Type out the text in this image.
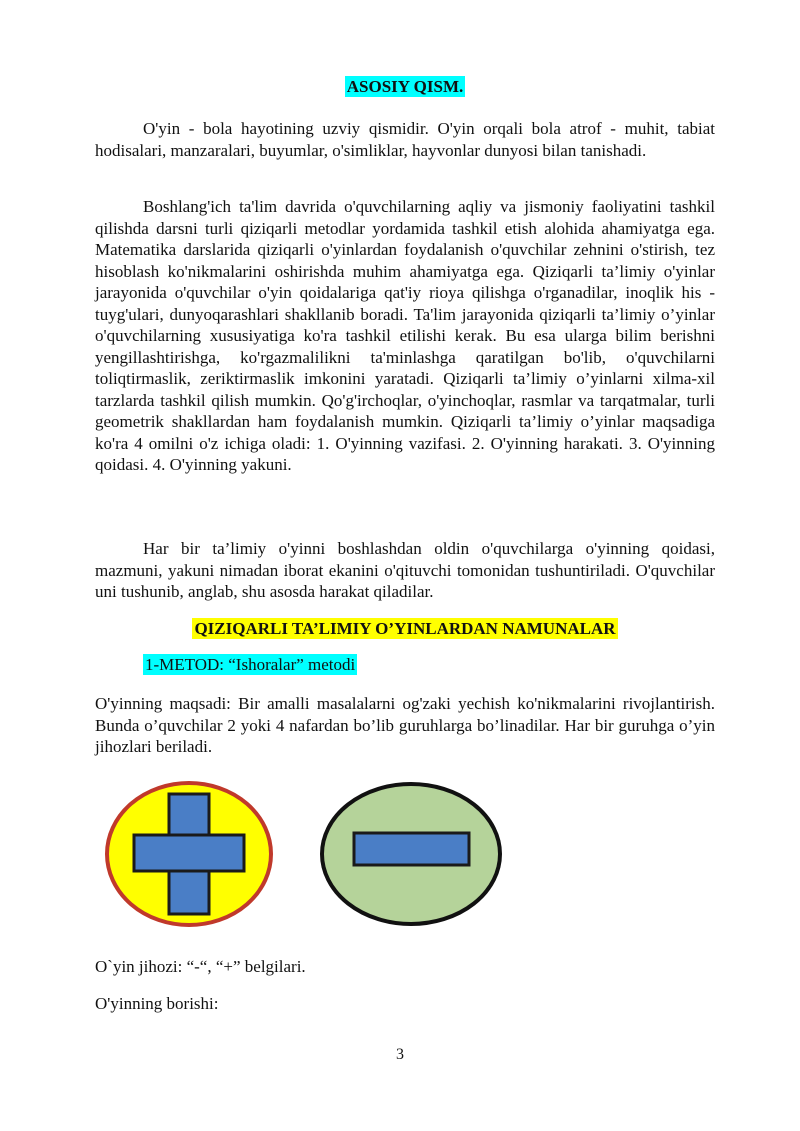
ASOSIY QISM.

O'yin - bola hayotining uzviy qismidir. O'yin orqali bola atrof - muhit, tabiat hodisalari, manzaralari, buyumlar, o'simliklar, hayvonlar dunyosi bilan tanishadi.

Boshlang'ich ta'lim davrida o'quvchilarning aqliy va jismoniy faoliyatini tashkil qilishda darsni turli qiziqarli metodlar yordamida tashkil etish alohida ahamiyatga ega. Matematika darslarida qiziqarli o'yinlardan foydalanish o'quvchilar zehnini o'stirish, tez hisoblash ko'nikmalarini oshirishda muhim ahamiyatga ega. Qiziqarli ta’limiy o'yinlar jarayonida o'quvchilar o'yin qoidalariga qat'iy rioya qilishga o'rganadilar, inoqlik his - tuyg'ulari, dunyoqarashlari shakllanib boradi. Ta'lim jarayonida qiziqarli ta’limiy o’yinlar o'quvchilarning xususiyatiga ko'ra tashkil etilishi kerak. Bu esa ularga bilim berishni yengillashtirishga, ko'rgazmalilikni ta'minlashga qaratilgan bo'lib, o'quvchilarni toliqtirmaslik, zeriktirmaslik imkonini yaratadi. Qiziqarli ta’limiy o’yinlarni xilma-xil tarzlarda tashkil qilish mumkin. Qo'g'irchoqlar, o'yinchoqlar, rasmlar va tarqatmalar, turli geometrik shakllardan ham foydalanish mumkin. Qiziqarli ta’limiy o’yinlar maqsadiga ko'ra 4 omilni o'z ichiga oladi: 1. O'yinning vazifasi. 2. O'yinning harakati. 3. O'yinning qoidasi. 4. O'yinning yakuni.

Har bir ta’limiy o'yinni boshlashdan oldin o'quvchilarga o'yinning qoidasi, mazmuni, yakuni nimadan iborat ekanini o'qituvchi tomonidan tushuntiriladi. O'quvchilar uni tushunib, anglab, shu asosda harakat qiladilar.

QIZIQARLI TA’LIMIY O’YINLARDAN NAMUNALAR
1-METOD: “Ishoralar” metodi

O'yinning maqsadi: Bir amalli masalalarni og'zaki yechish ko'nikmalarini rivojlantirish. Bunda o’quvchilar 2 yoki 4 nafardan bo’lib guruhlarga bo’linadilar. Har bir guruhga o’yin jihozlari beriladi.

O`yin jihozi: “-“, “+” belgilari.
O'yinning borishi:
3
